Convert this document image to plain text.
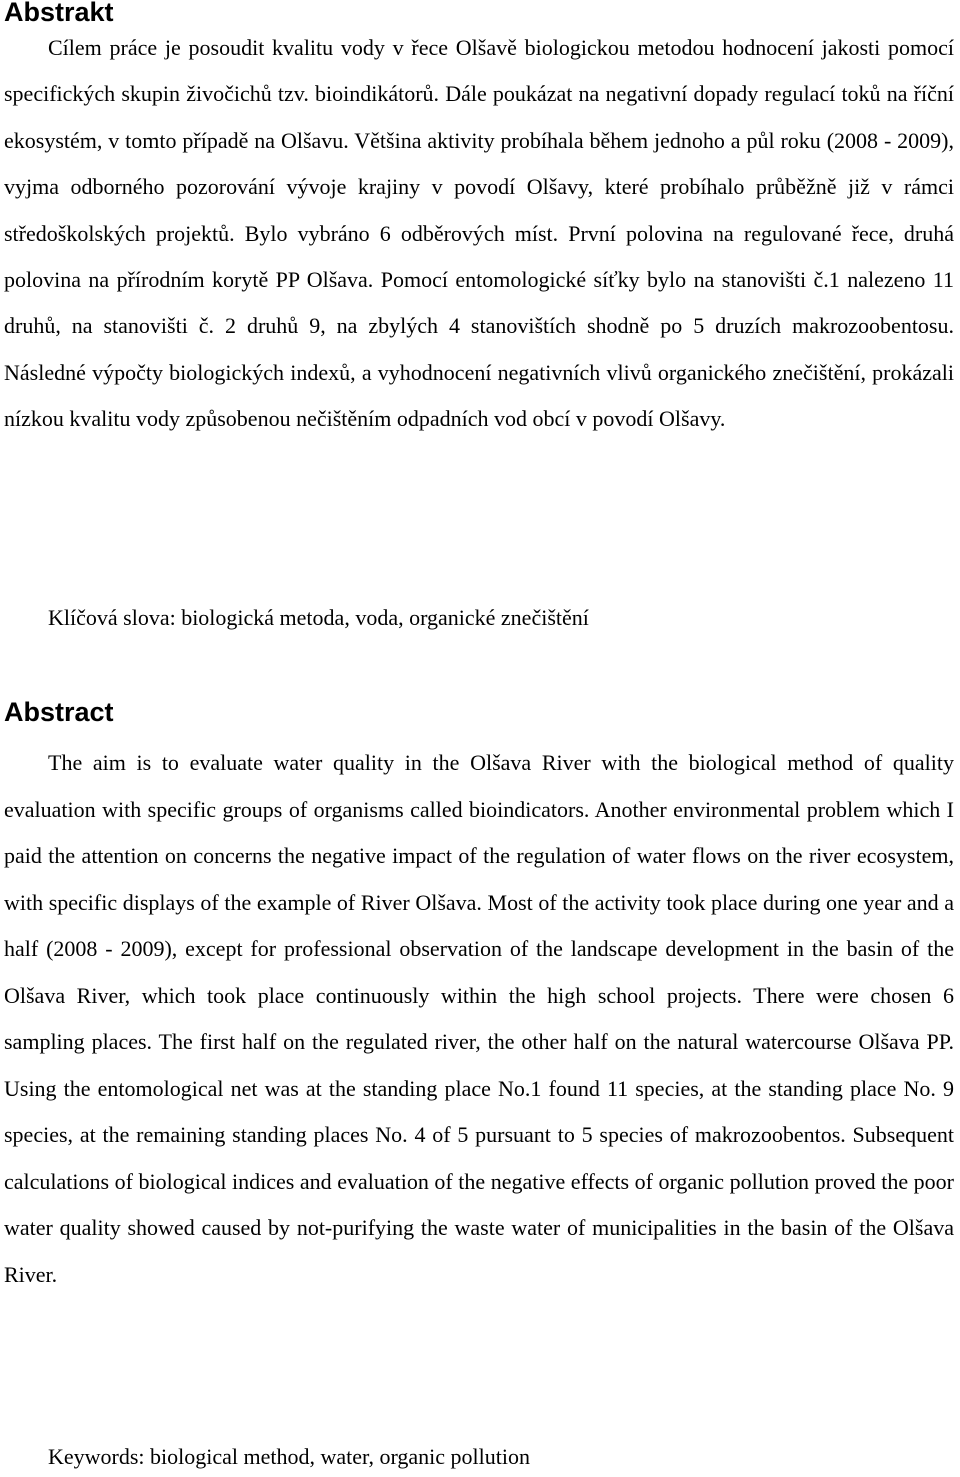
Abstrakt

Cílem práce je posoudit kvalitu vody v řece Olšavě biologickou metodou hodnocení jakosti pomocí specifických skupin živočichů tzv. bioindikátorů. Dále poukázat na negativní dopady regulací toků na říční ekosystém, v tomto případě na Olšavu. Většina aktivity probíhala během jednoho a půl roku (2008 - 2009), vyjma odborného pozorování vývoje krajiny v povodí Olšavy, které probíhalo průběžně již v rámci středoškolských projektů. Bylo vybráno 6 odběrových míst. První polovina na regulované řece, druhá polovina na přírodním korytě PP Olšava. Pomocí entomologické síťky bylo na stanovišti č.1 nalezeno 11 druhů, na stanovišti č. 2 druhů 9, na zbylých 4 stanovištích shodně po 5 druzích makrozoobentosu. Následné výpočty biologických indexů, a vyhodnocení negativních vlivů organického znečištění, prokázali nízkou kvalitu vody způsobenou nečištěním odpadních vod obcí v povodí Olšavy.

Klíčová slova: biologická metoda, voda, organické znečištění
Abstract

The aim is to evaluate water quality in the Olšava River with the biological method of quality evaluation with specific groups of organisms called bioindicators. Another environmental problem which I paid the attention on concerns the negative impact of the regulation of water flows on the river ecosystem, with specific displays of the example of River Olšava. Most of the activity took place during one year and a half (2008 - 2009), except for professional observation of the landscape development in the basin of the Olšava River, which took place continuously within the high school projects. There were chosen 6 sampling places. The first half on the regulated river, the other half on the natural watercourse Olšava PP. Using the entomological net was at the standing place No.1 found 11 species, at the standing place No. 9 species, at the remaining standing places No. 4 of 5 pursuant to 5 species of makrozoobentos. Subsequent calculations of biological indices and evaluation of the negative effects of organic pollution proved the poor water quality showed caused by not-purifying the waste water of municipalities in the basin of the Olšava River.

Keywords: biological method, water, organic pollution
